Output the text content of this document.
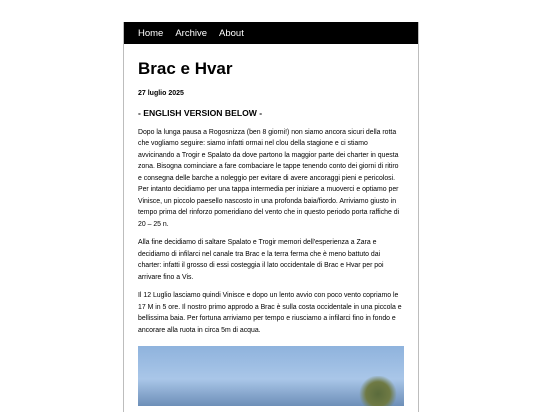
Home Archive About
Brac e Hvar
27 luglio 2025
- ENGLISH VERSION BELOW -

Dopo la lunga pausa a Rogosnizza (ben 8 giorni!) non siamo ancora sicuri della rotta che vogliamo seguire: siamo infatti ormai nel clou della stagione e ci stiamo avvicinando a Trogir e Spalato da dove partono la maggior parte dei charter in questa zona. Bisogna cominciare a fare combaciare le tappe tenendo conto dei giorni di ritiro e consegna delle barche a noleggio per evitare di avere ancoraggi pieni e pericolosi. Per intanto decidiamo per una tappa intermedia per iniziare a muoverci e optiamo per Vinisce, un piccolo paesello nascosto in una profonda baia/fiordo. Arriviamo giusto in tempo prima del rinforzo pomeridiano del vento che in questo periodo porta raffiche di 20 – 25 n.

Alla fine decidiamo di saltare Spalato e Trogir memori dell'esperienza a Zara e decidiamo di infilarci nel canale tra Brac e la terra ferma che è meno battuto dai charter: infatti il grosso di essi costeggia il lato occidentale di Brac e Hvar per poi arrivare fino a Vis.

Il 12 Luglio lasciamo quindi Vinisce e dopo un lento avvio con poco vento copriamo le 17 M in 5 ore. Il nostro primo approdo a Brac è sulla costa occidentale in una piccola e bellissima baia. Per fortuna arriviamo per tempo e riusciamo a infilarci fino in fondo e ancorare alla ruota in circa 5m di acqua.
